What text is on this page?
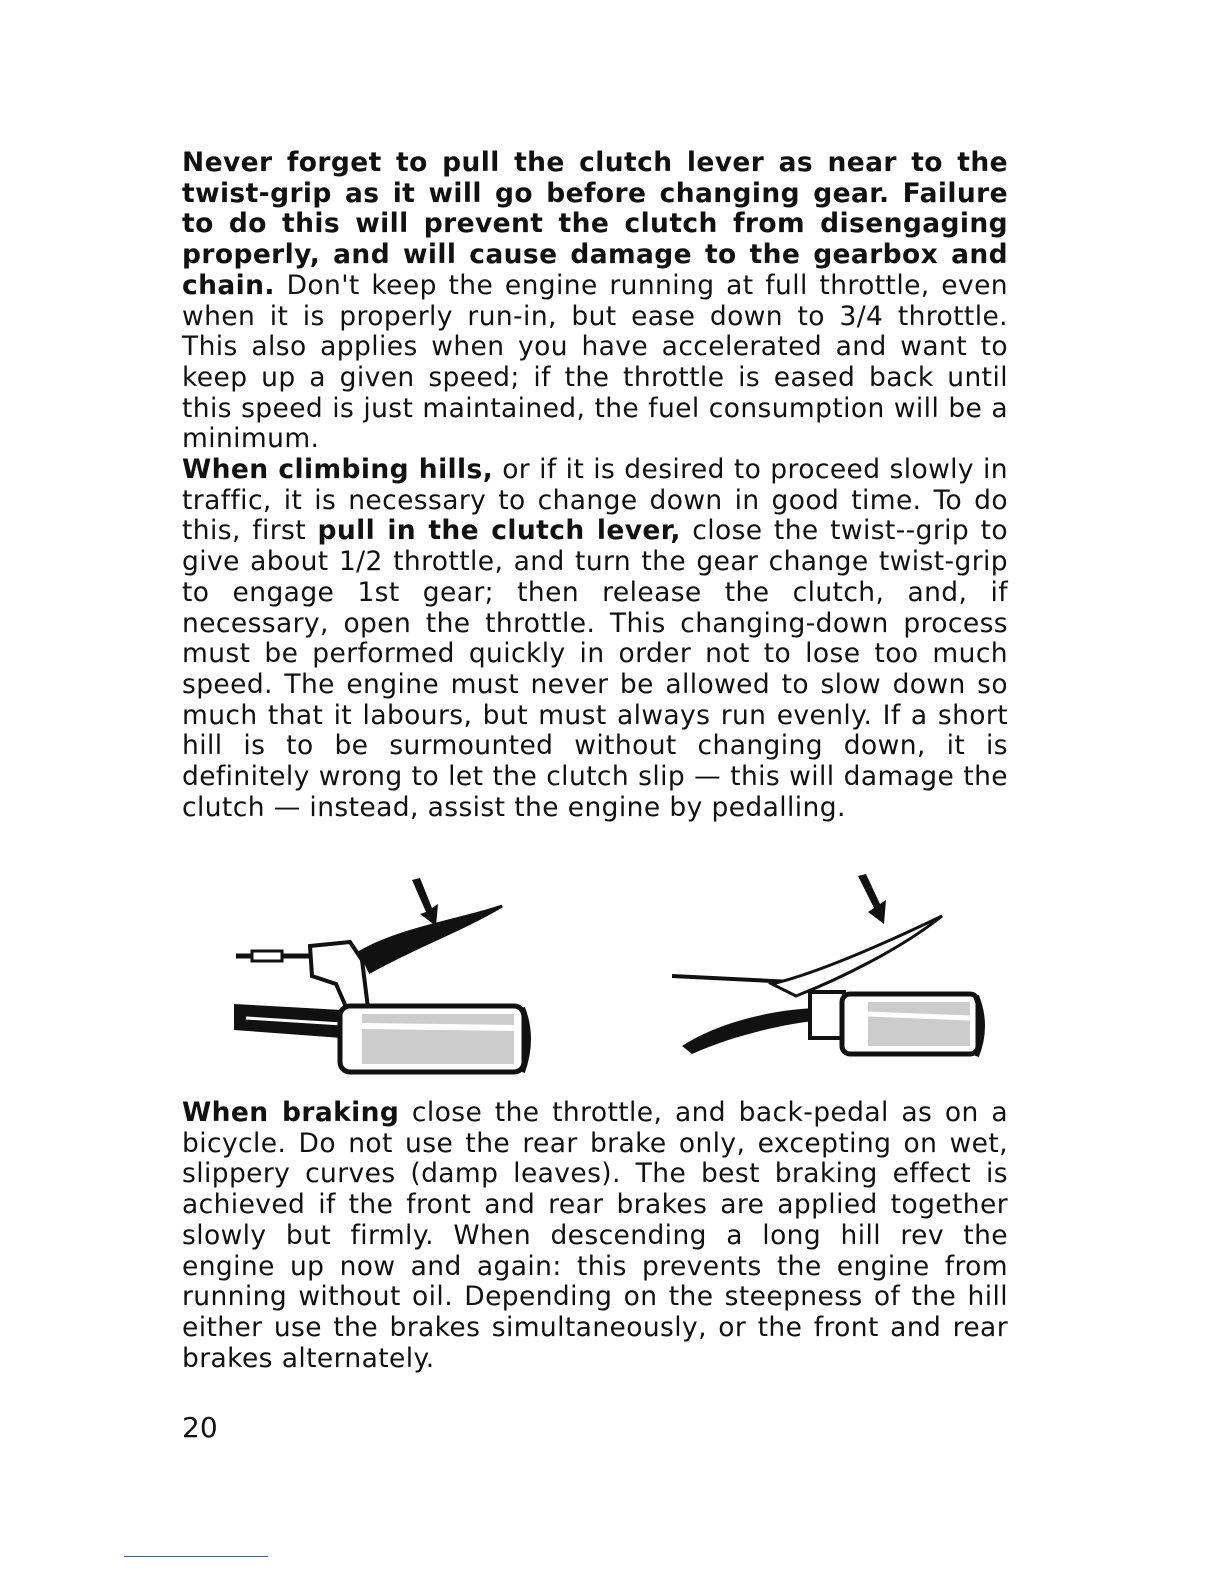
Never forget to pull the clutch lever as near to the twist-grip as it will go before changing gear. Failure to do this will prevent the clutch from disengaging properly, and will cause damage to the gearbox and chain. Don't keep the engine running at full throttle, even when it is properly run-in, but ease down to 3/4 throttle. This also applies when you have accelerated and want to keep up a given speed; if the throttle is eased back until this speed is just maintained, the fuel consumption will be a minimum.

When climbing hills, or if it is desired to proceed slowly in traffic, it is necessary to change down in good time. To do this, first pull in the clutch lever, close the twist--grip to give about 1/2 throttle, and turn the gear change twist-grip to engage 1st gear; then release the clutch, and, if necessary, open the throttle. This changing-down process must be performed quickly in order not to lose too much speed. The engine must never be allowed to slow down so much that it labours, but must always run evenly. If a short hill is to be surmounted without changing down, it is definitely wrong to let the clutch slip — this will damage the clutch — instead, assist the engine by pedalling.

When braking close the throttle, and back-pedal as on a bicycle. Do not use the rear brake only, excepting on wet, slippery curves (damp leaves). The best braking effect is achieved if the front and rear brakes are applied together slowly but firmly. When descending a long hill rev the engine up now and again: this prevents the engine from running without oil. Depending on the steepness of the hill either use the brakes simultaneously, or the front and rear brakes alternately.

20
